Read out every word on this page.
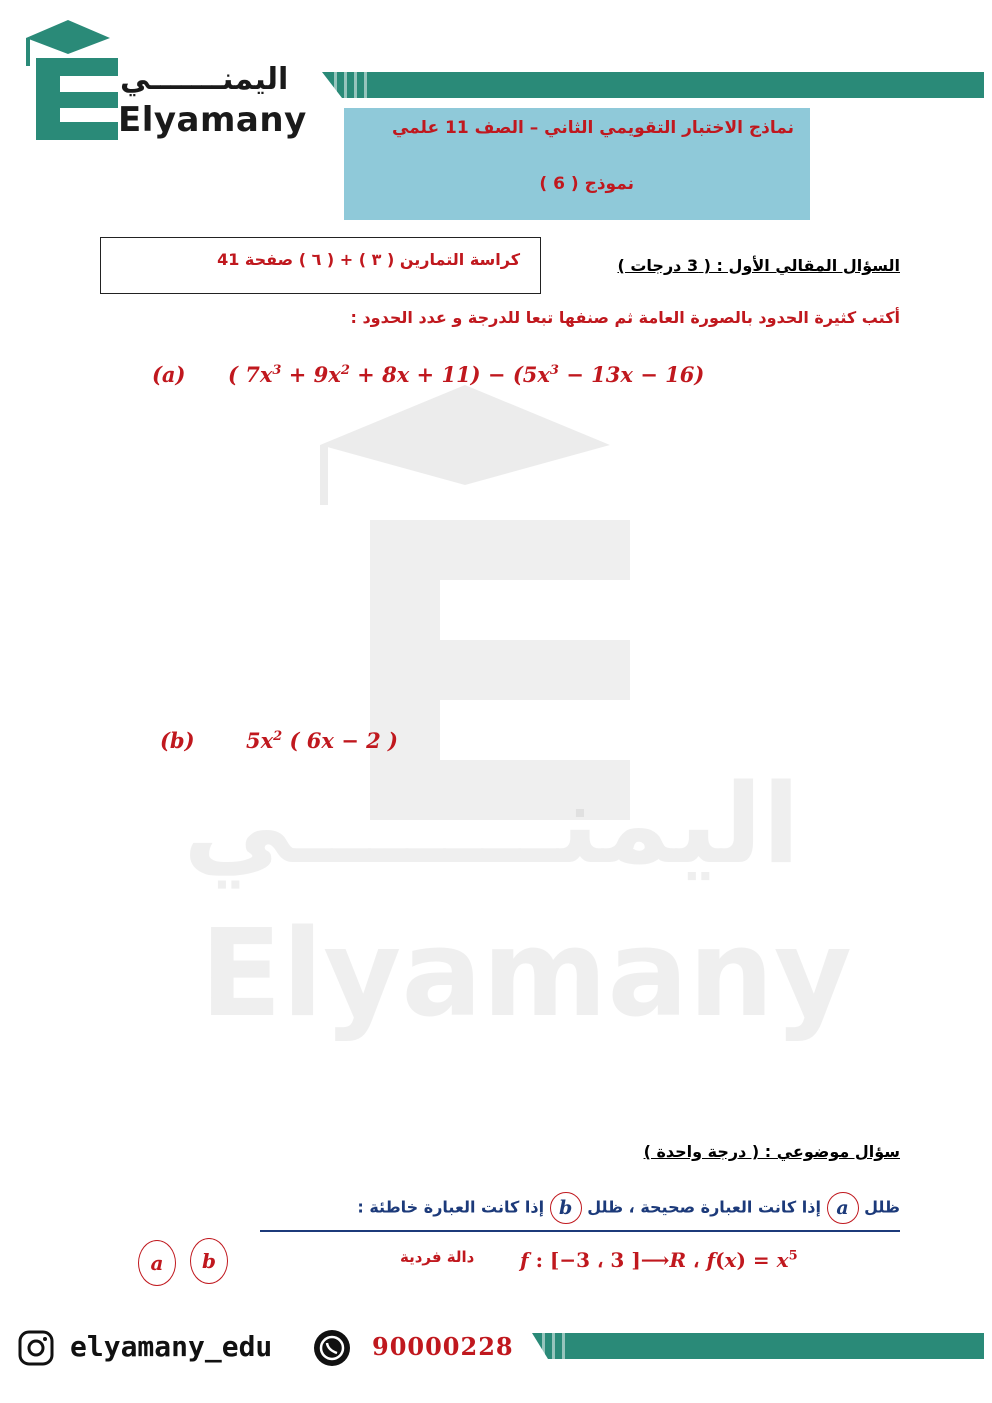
اليمنـــــــي
Elyamany
اليمنـــــــي
Elyamany	نماذج الاختبار التقويمي الثاني – الصف 11 علمي
نموذج ( 6 )
كراسة التمارين ( ٣ ) + ( ٦ ) صفحة 41	السؤال المقالي الأول : ( 3 درجات )
أكتب كثيرة الحدود بالصورة العامة ثم صنفها تبعا للدرجة و عدد الحدود :
(a) ( $7x^3 + 9x^2 + 8x + 11) - (5x^3 - 13x - 16)$
(b) $5x^2$ ( 6x − 2 )
سؤال موضوعي : ( درجة واحدة )
ظلل a إذا كانت العبارة صحيحة ، ظلل b إذا كانت العبارة خاطئة :
a	b	دالة فردية f : [−3 ، 3 ]⟶R ، $f(x) = x^5$
elyamany_edu	90000228
